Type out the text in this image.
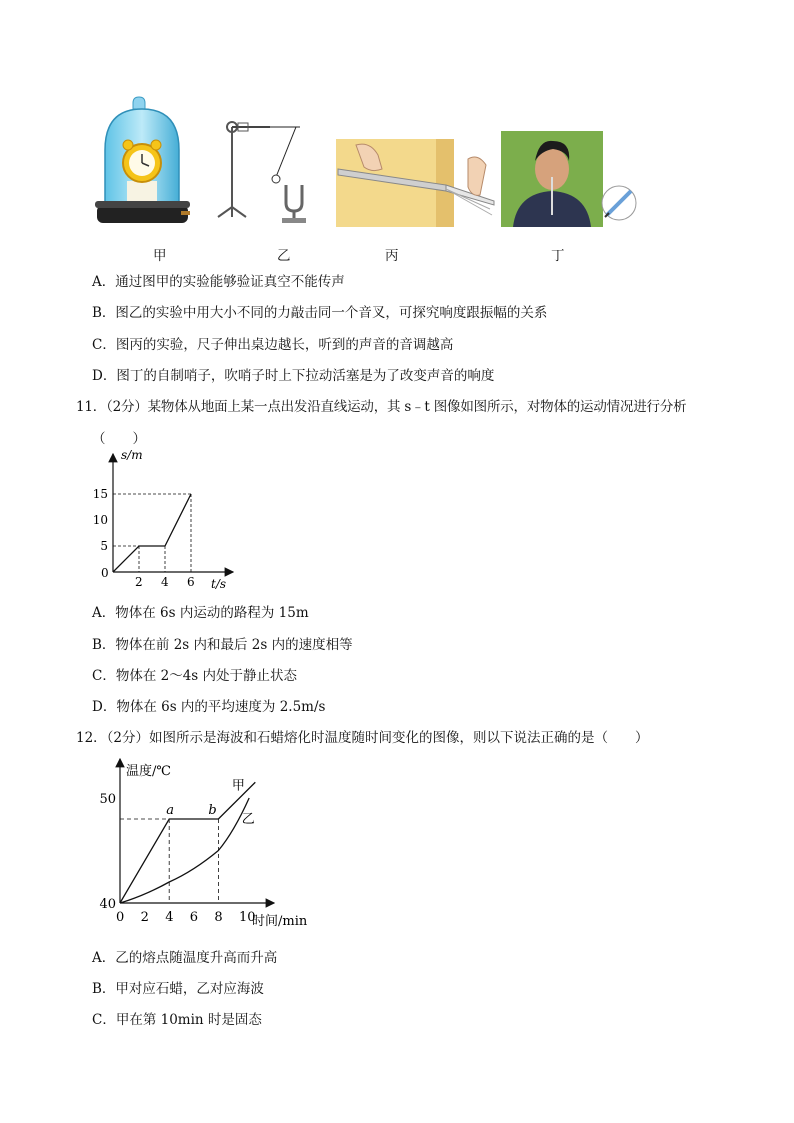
甲	乙	丙	丁
A．通过图甲的实验能够验证真空不能传声
B．图乙的实验中用大小不同的力敲击同一个音叉，可探究响度跟振幅的关系
C．图丙的实验，尺子伸出桌边越长，听到的声音的音调越高
D．图丁的自制哨子，吹哨子时上下拉动活塞是为了改变声音的响度
11．（2分）某物体从地面上某一点出发沿直线运动，其 s﹣t 图像如图所示，对物体的运动情况进行分析
（　　）
2 4 6
5
10
15
s/m
t/s
0
A．物体在 6s 内运动的路程为 15m
B．物体在前 2s 内和最后 2s 内的速度相等
C．物体在 2～4s 内处于静止状态
D．物体在 6s 内的平均速度为 2.5m/s
12．（2分）如图所示是海波和石蜡熔化时温度随时间变化的图像，则以下说法正确的是（　　）
0 2 4 6 8 10
40
50
a	b
甲
乙
温度/℃
时间/min
A．乙的熔点随温度升高而升高
B．甲对应石蜡，乙对应海波
C．甲在第 10min 时是固态
